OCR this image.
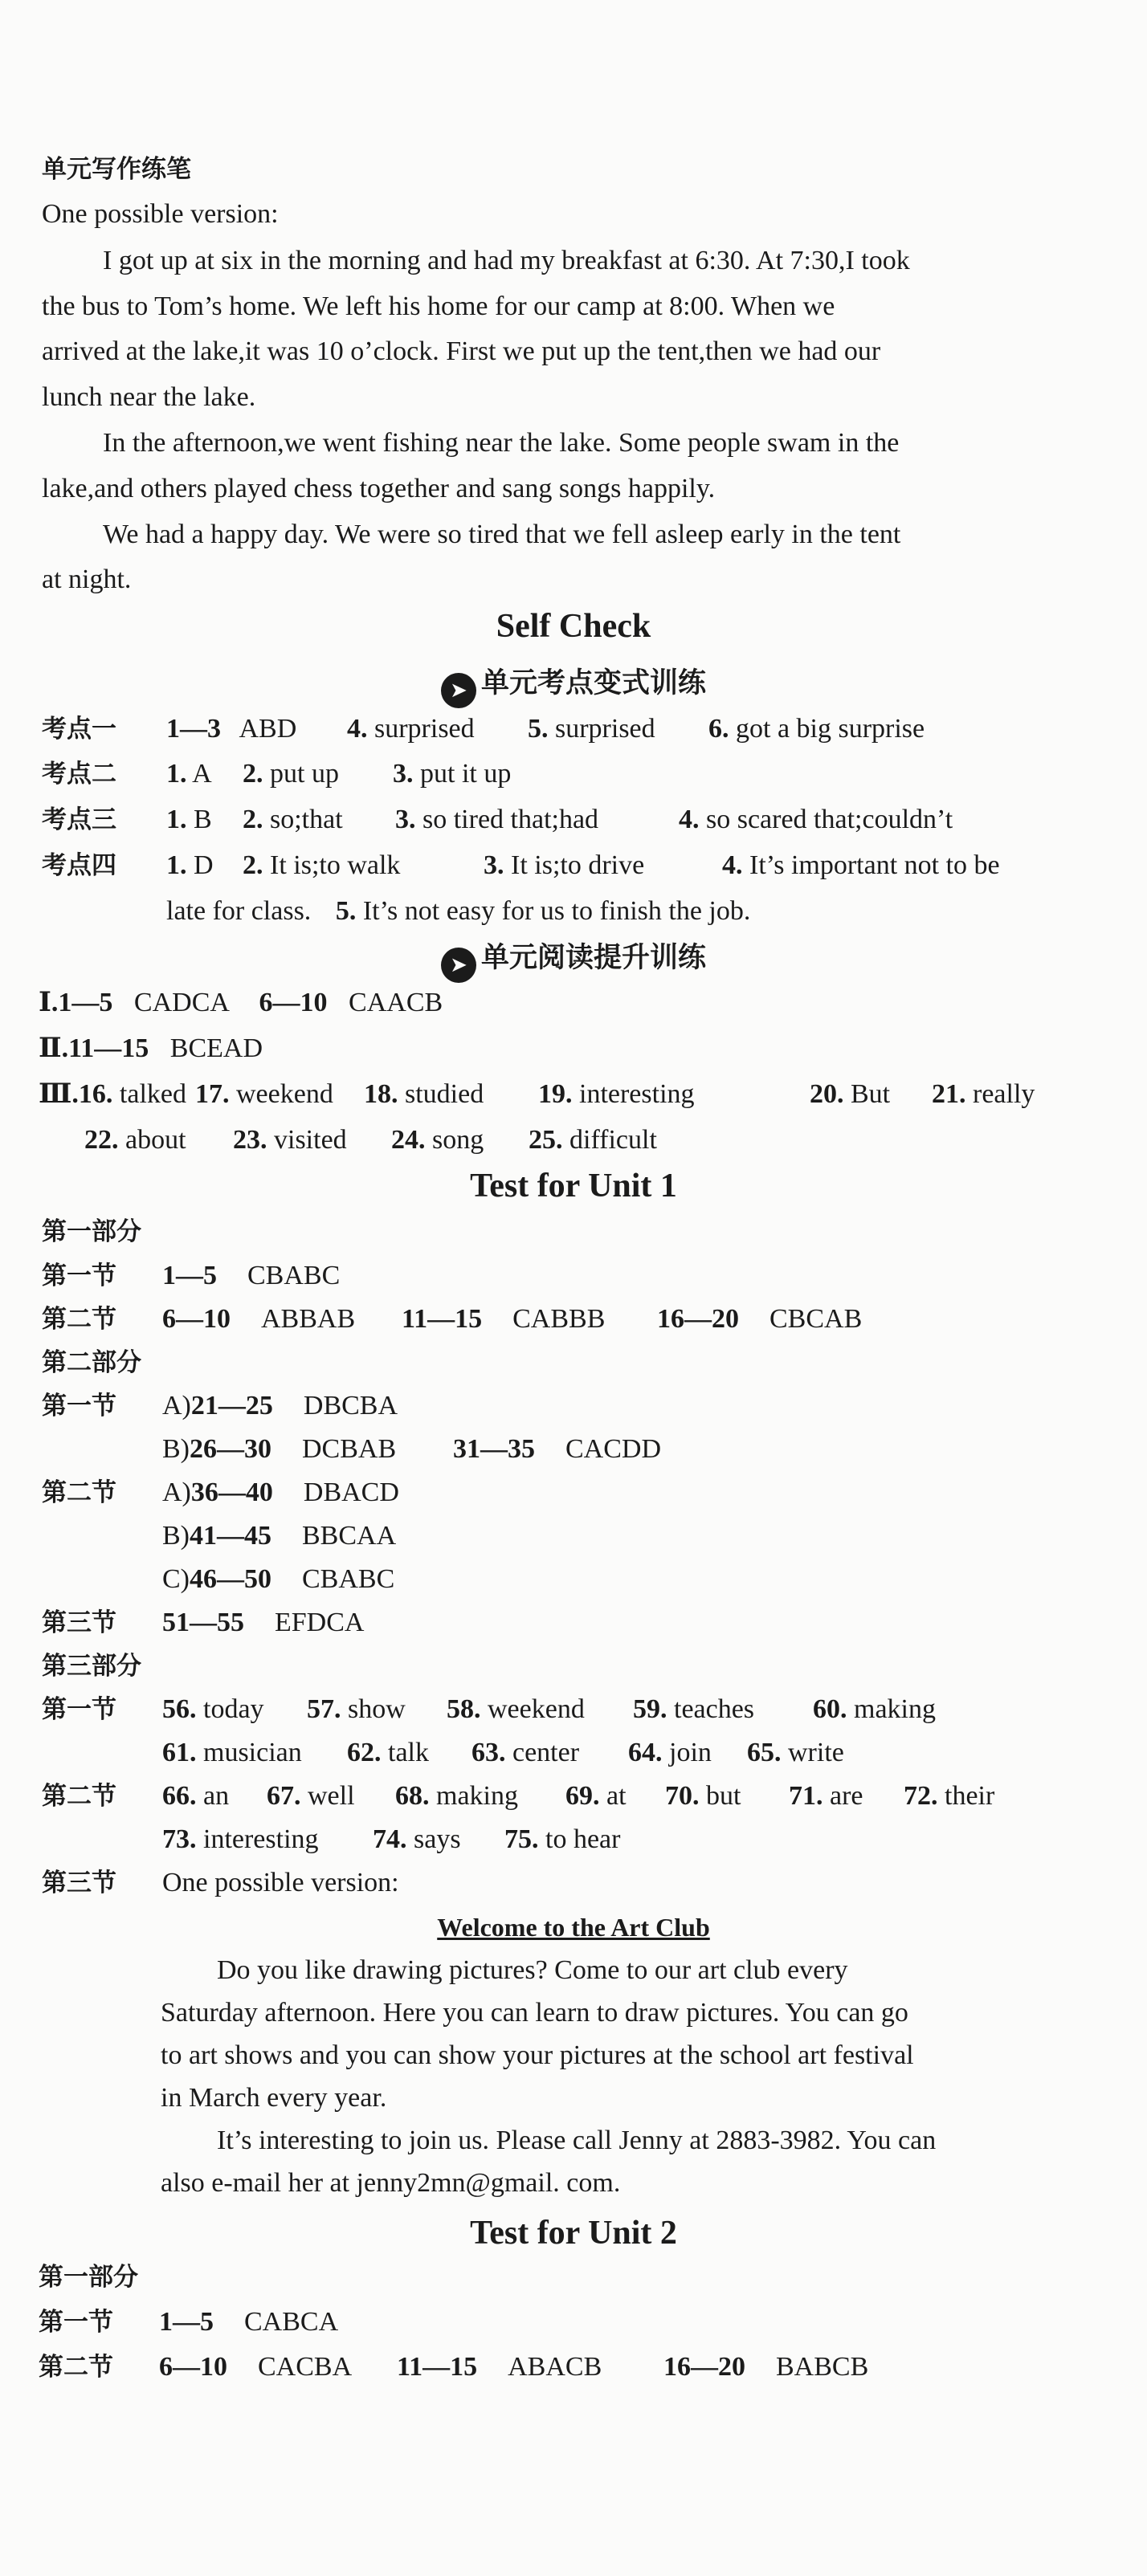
单元写作练笔
One possible version:
I got up at six in the morning and had my breakfast at 6:30. At 7:30,I took
the bus to Tom’s home. We left his home for our camp at 8:00. When we
arrived at the lake,it was 10 o’clock. First we put up the tent,then we had our
lunch near the lake.
In the afternoon,we went fishing near the lake. Some people swam in the
lake,and others played chess together and sang songs happily.
We had a happy day. We were so tired that we fell asleep early in the tent
at night.
Self Check
➤ 单元考点变式训练
考点一 1—3 ABD 4. surprised 5. surprised 6. got a big surprise
考点二 1. A 2. put up 3. put it up
考点三 1. B 2. so;that 3. so tired that;had	4. so scared that;couldn’t
考点四 1. D 2. It is;to walk	3. It is;to drive	4. It’s important not to be
late for class. 5. It’s not easy for us to finish the job.
➤ 单元阅读提升训练
Ⅰ.1—5 CADCA 6—10 CAACB
Ⅱ.11—15 BCEAD
Ⅲ.16. talked 17. weekend 18. studied 19. interesting	20. But 21. really
22. about 23. visited 24. song 25. difficult
Test for Unit 1
第一部分
第一节 1—5 CBABC
第二节 6—10 ABBAB 11—15 CABBB 16—20 CBCAB
第二部分
第一节 A)21—25 DBCBA
B)26—30 DCBAB 31—35 CACDD
第二节 A)36—40 DBACD
B)41—45 BBCAA
C)46—50 CBABC
第三节 51—55 EFDCA
第三部分
第一节 56. today 57. show 58. weekend 59. teaches 60. making
61. musician 62. talk 63. center 64. join 65. write
第二节 66. an 67. well 68. making 69. at 70. but 71. are 72. their
73. interesting 74. says 75. to hear
第三节 One possible version:
Welcome to the Art Club
Do you like drawing pictures? Come to our art club every
Saturday afternoon. Here you can learn to draw pictures. You can go
to art shows and you can show your pictures at the school art festival
in March every year.
It’s interesting to join us. Please call Jenny at 2883-3982. You can
also e-mail her at jenny2mn@gmail. com.
Test for Unit 2
第一部分
第一节 1—5 CABCA
第二节 6—10 CACBA 11—15 ABACB 16—20 BABCB
